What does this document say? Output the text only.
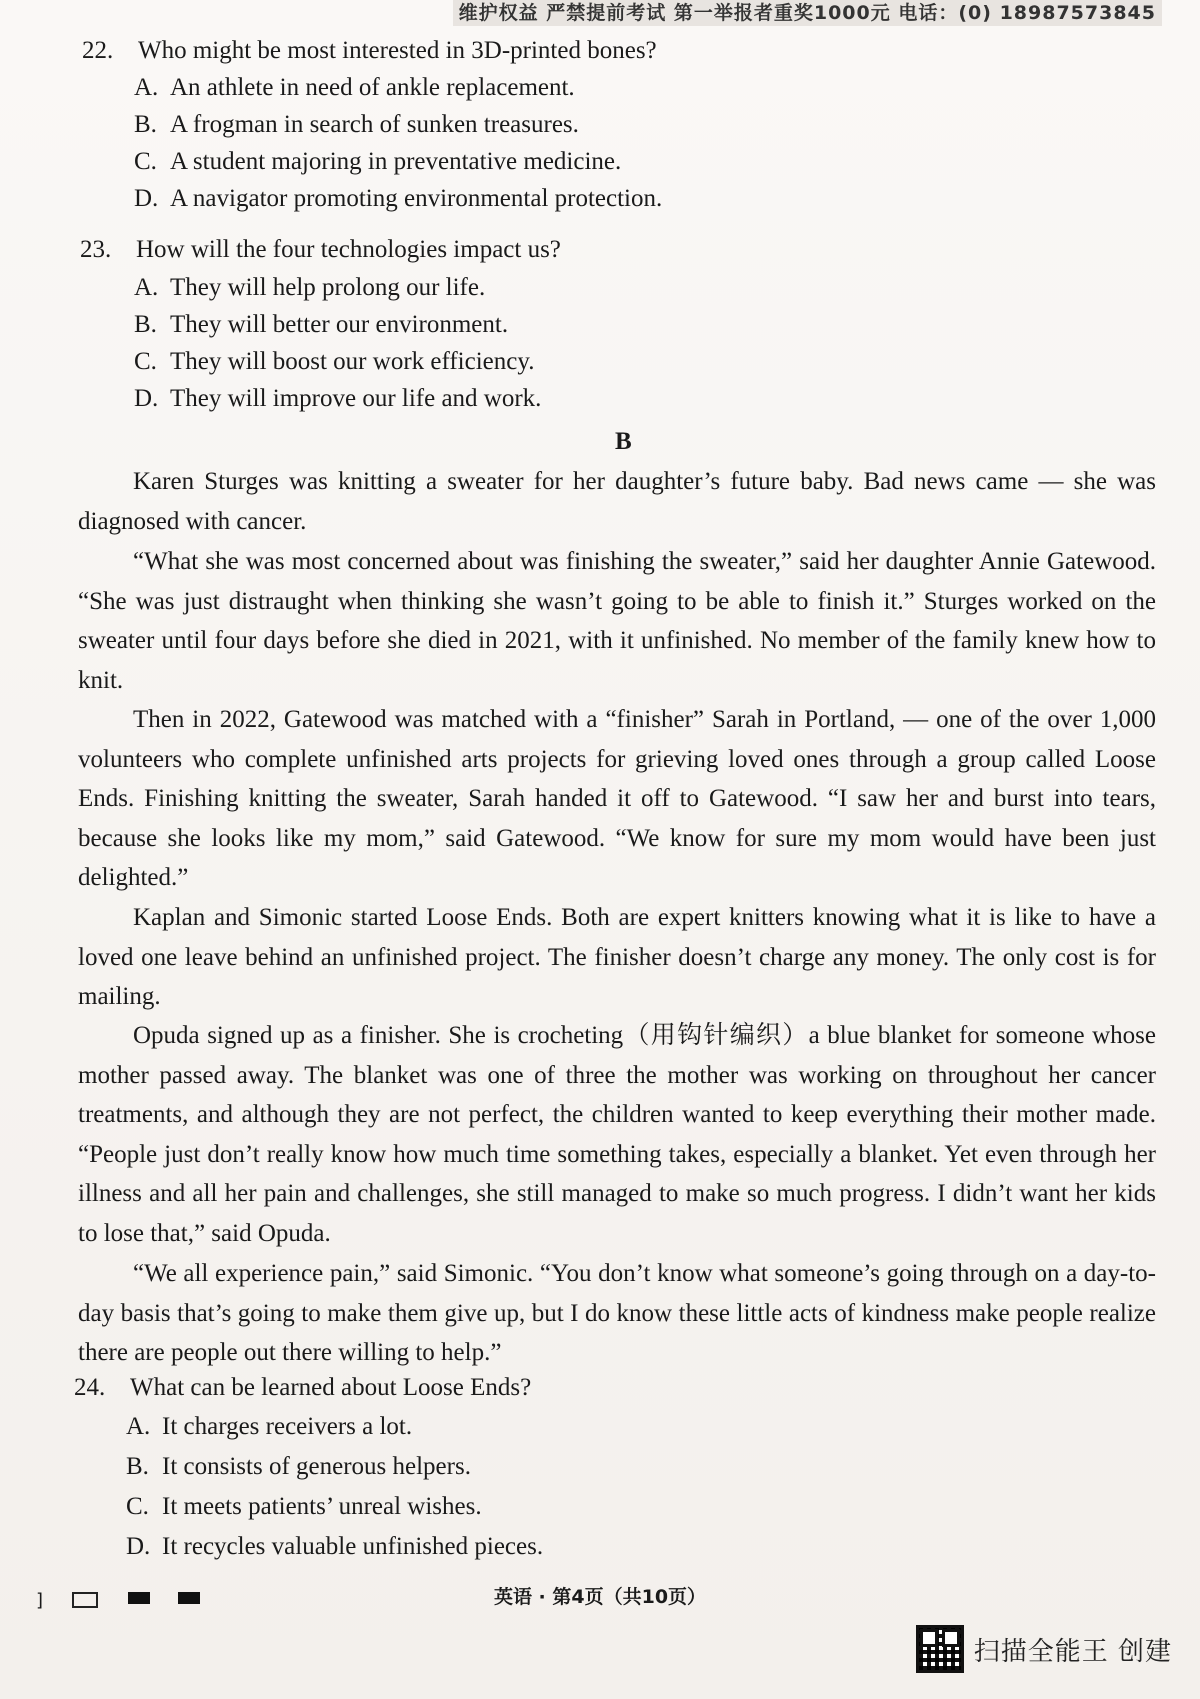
维护权益 严禁提前考试 第一举报者重奖1000元 电话：(0) 18987573845
22. Who might be most interested in 3D-printed bones?
A. An athlete in need of ankle replacement.
B. A frogman in search of sunken treasures.
C. A student majoring in preventative medicine.
D. A navigator promoting environmental protection.
23. How will the four technologies impact us?
A. They will help prolong our life.
B. They will better our environment.
C. They will boost our work efficiency.
D. They will improve our life and work.
B
Karen Sturges was knitting a sweater for her daughter’s future baby. Bad news came — she was diagnosed with cancer.
“What she was most concerned about was finishing the sweater,” said her daughter Annie Gatewood. “She was just distraught when thinking she wasn’t going to be able to finish it.” Sturges worked on the sweater until four days before she died in 2021, with it unfinished. No member of the family knew how to knit.
Then in 2022, Gatewood was matched with a “finisher” Sarah in Portland, — one of the over 1,000 volunteers who complete unfinished arts projects for grieving loved ones through a group called Loose Ends. Finishing knitting the sweater, Sarah handed it off to Gatewood. “I saw her and burst into tears, because she looks like my mom,” said Gatewood. “We know for sure my mom would have been just delighted.”
Kaplan and Simonic started Loose Ends. Both are expert knitters knowing what it is like to have a loved one leave behind an unfinished project. The finisher doesn’t charge any money. The only cost is for mailing.
Opuda signed up as a finisher. She is crocheting（用钩针编织）a blue blanket for someone whose mother passed away. The blanket was one of three the mother was working on throughout her cancer treatments, and although they are not perfect, the children wanted to keep everything their mother made. “People just don’t really know how much time something takes, especially a blanket. Yet even through her illness and all her pain and challenges, she still managed to make so much progress. I didn’t want her kids to lose that,” said Opuda.
“We all experience pain,” said Simonic. “You don’t know what someone’s going through on a day-to-day basis that’s going to make them give up, but I do know these little acts of kindness make people realize there are people out there willing to help.”
24. What can be learned about Loose Ends?
A. It charges receivers a lot.
B. It consists of generous helpers.
C. It meets patients’ unreal wishes.
D. It recycles valuable unfinished pieces.
]	英语 · 第4页（共10页）
扫描全能王 创建
